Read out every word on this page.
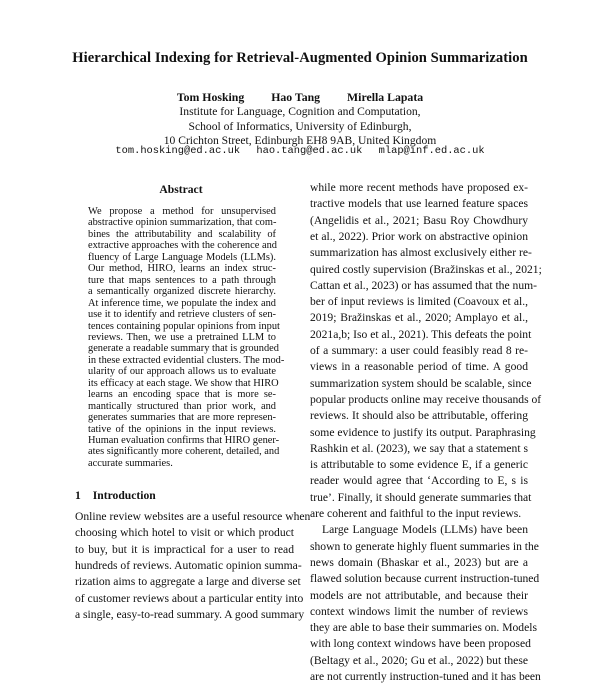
Hierarchical Indexing for Retrieval-Augmented Opinion Summarization
Tom Hosking Hao Tang Mirella Lapata
Institute for Language, Cognition and Computation,
School of Informatics, University of Edinburgh,
10 Crichton Street, Edinburgh EH8 9AB, United Kingdom
tom.hosking@ed.ac.uk hao.tang@ed.ac.uk mlap@inf.ed.ac.uk
Abstract
We propose a method for unsupervised
abstractive opinion summarization, that com-
bines the attributability and scalability of
extractive approaches with the coherence and
fluency of Large Language Models (LLMs).
Our method, HIRO, learns an index struc-
ture that maps sentences to a path through
a semantically organized discrete hierarchy.
At inference time, we populate the index and
use it to identify and retrieve clusters of sen-
tences containing popular opinions from input
reviews. Then, we use a pretrained LLM to
generate a readable summary that is grounded
in these extracted evidential clusters. The mod-
ularity of our approach allows us to evaluate
its efficacy at each stage. We show that HIRO
learns an encoding space that is more se-
mantically structured than prior work, and
generates summaries that are more represen-
tative of the opinions in the input reviews.
Human evaluation confirms that HIRO gener-
ates significantly more coherent, detailed, and
accurate summaries.
1 Introduction
Online review websites are a useful resource when
choosing which hotel to visit or which product
to buy, but it is impractical for a user to read
hundreds of reviews. Automatic opinion summa-
rization aims to aggregate a large and diverse set
of customer reviews about a particular entity into
a single, easy-to-read summary. A good summary
while more recent methods have proposed ex-
tractive models that use learned feature spaces
(Angelidis et al., 2021; Basu Roy Chowdhury
et al., 2022). Prior work on abstractive opinion
summarization has almost exclusively either re-
quired costly supervision (Bražinskas et al., 2021;
Cattan et al., 2023) or has assumed that the num-
ber of input reviews is limited (Coavoux et al.,
2019; Bražinskas et al., 2020; Amplayo et al.,
2021a,b; Iso et al., 2021). This defeats the point
of a summary: a user could feasibly read 8 re-
views in a reasonable period of time. A good
summarization system should be scalable, since
popular products online may receive thousands of
reviews. It should also be attributable, offering
some evidence to justify its output. Paraphrasing
Rashkin et al. (2023), we say that a statement s
is attributable to some evidence E, if a generic
reader would agree that ‘According to E, s is
true’. Finally, it should generate summaries that
are coherent and faithful to the input reviews.
Large Language Models (LLMs) have been
shown to generate highly fluent summaries in the
news domain (Bhaskar et al., 2023) but are a
flawed solution because current instruction-tuned
models are not attributable, and because their
context windows limit the number of reviews
they are able to base their summaries on. Models
with long context windows have been proposed
(Beltagy et al., 2020; Gu et al., 2022) but these
are not currently instruction-tuned and it has been
